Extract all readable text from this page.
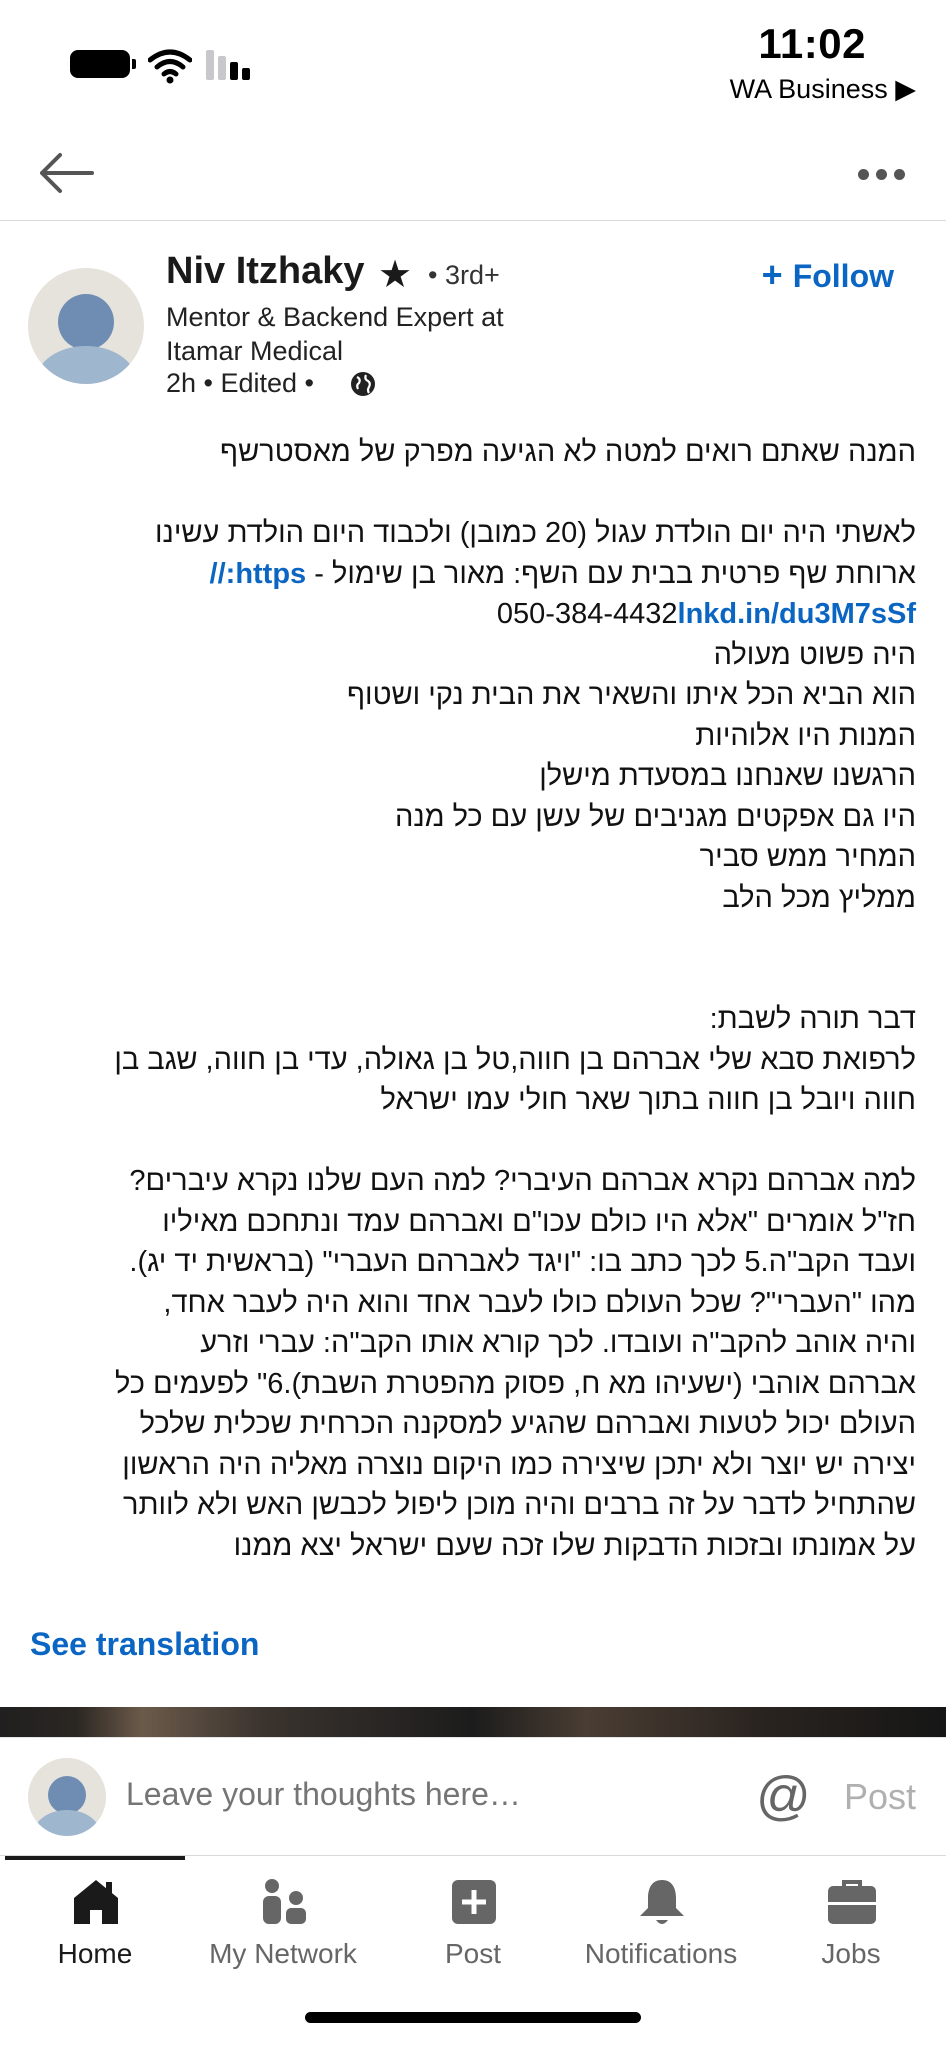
11:02
WA Business ▶
Niv Itzhaky ★ • 3rd+
Mentor & Backend Expert at Itamar Medical
2h • Edited •
+ Follow
המנה שאתם רואים למטה לא הגיעה מפרק של מאסטרשף
לאשתי היה יום הולדת עגול (20 כמובן) ולכבוד היום הולדת עשינו
ארוחת שף פרטית בבית עם השף: מאור בן שימול - https://
050-384-4432lnkd.in/du3M7sSf
היה פשוט מעולה
הוא הביא הכל איתו והשאיר את הבית נקי ושטוף
המנות היו אלוהיות
הרגשנו שאנחנו במסעדת מישלן
היו גם אפקטים מגניבים של עשן עם כל מנה
המחיר ממש סביר
ממליץ מכל הלב
דבר תורה לשבת:
לרפואת סבא שלי אברהם בן חווה,טל בן גאולה, עדי בן חווה, שגב בן
חווה ויובל בן חווה בתוך שאר חולי עמו ישראל
למה אברהם נקרא אברהם העיברי? למה העם שלנו נקרא עיברים?
חז"ל אומרים "אלא היו כולם עכו"ם ואברהם עמד ונתחכם מאיליו
ועבד הקב"ה.5 לכך כתב בו: "ויגד לאברהם העברי" (בראשית יד יג).
מהו "העברי"? שכל העולם כולו לעבר אחד והוא היה לעבר אחד,
והיה אוהב להקב"ה ועובדו. לכך קורא אותו הקב"ה: עברי וזרע
אברהם אוהבי (ישעיהו מא ח, פסוק מהפטרת השבת).6" לפעמים כל
העולם יכול לטעות ואברהם שהגיע למסקנה הכרחית שכלית שלכל
יצירה יש יוצר ולא יתכן שיצירה כמו היקום נוצרה מאליה היה הראשון
שהתחיל לדבר על זה ברבים והיה מוכן ליפול לכבשן האש ולא לוותר
על אמונתו ובזכות הדבקות שלו זכה שעם ישראל יצא ממנו
See translation
Leave your thoughts here…
@ Post
Home	My Network	Post	Notifications	Jobs
